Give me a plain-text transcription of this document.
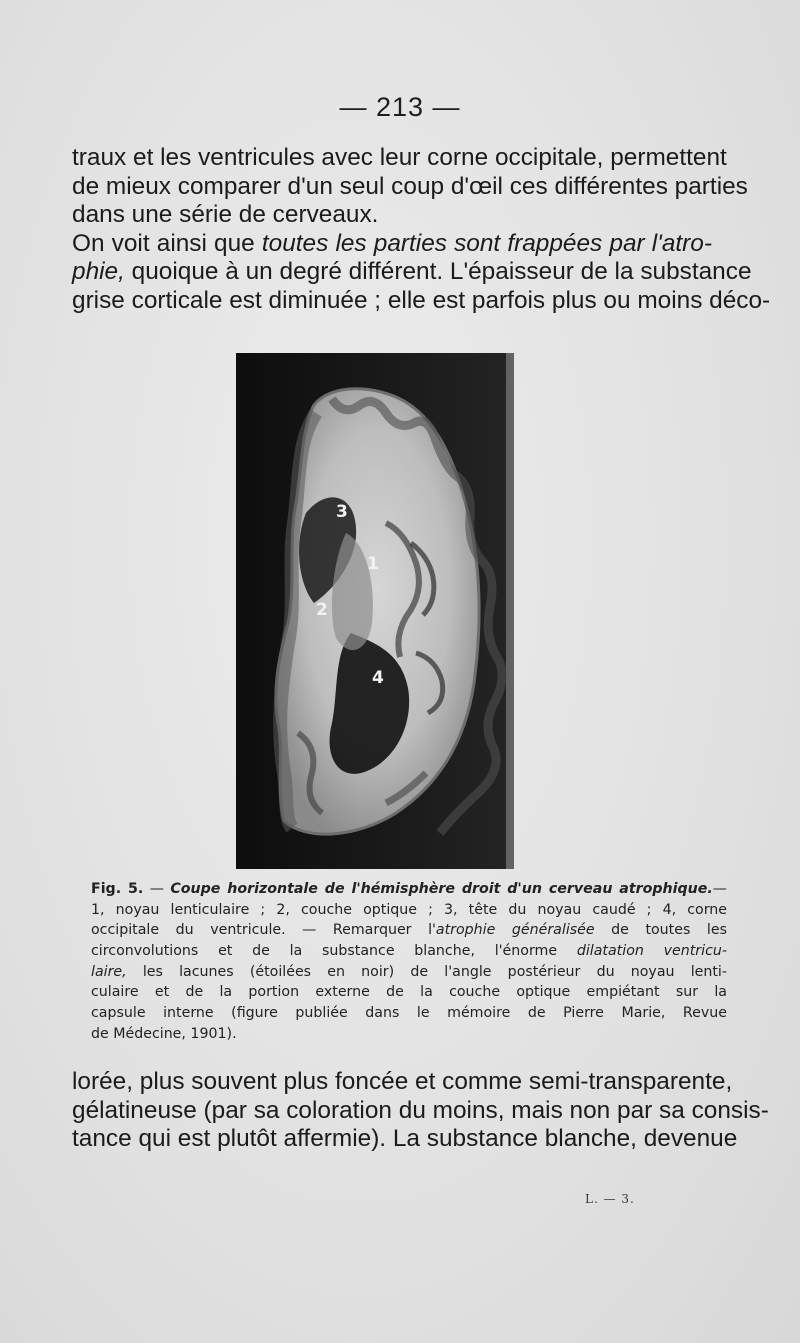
— 213 —
traux et les ventricules avec leur corne occipitale, permettent
de mieux comparer d'un seul coup d'œil ces différentes parties
dans une série de cerveaux.
On voit ainsi que toutes les parties sont frappées par l'atro-
phie, quoique à un degré différent. L'épaisseur de la substance
grise corticale est diminuée ; elle est parfois plus ou moins déco-
3
1
2
4
Fig. 5. — Coupe horizontale de l'hémisphère droit d'un cerveau atrophique.—
1, noyau lenticulaire ; 2, couche optique ; 3, tête du noyau caudé ; 4, corne
occipitale du ventricule. — Remarquer l'atrophie généralisée de toutes les
circonvolutions et de la substance blanche, l'énorme dilatation ventricu-
laire, les lacunes (étoilées en noir) de l'angle postérieur du noyau lenti-
culaire et de la portion externe de la couche optique empiétant sur la
capsule interne (figure publiée dans le mémoire de Pierre Marie, Revue
de Médecine, 1901).
lorée, plus souvent plus foncée et comme semi-transparente,
gélatineuse (par sa coloration du moins, mais non par sa consis-
tance qui est plutôt affermie). La substance blanche, devenue
L. — 3.
